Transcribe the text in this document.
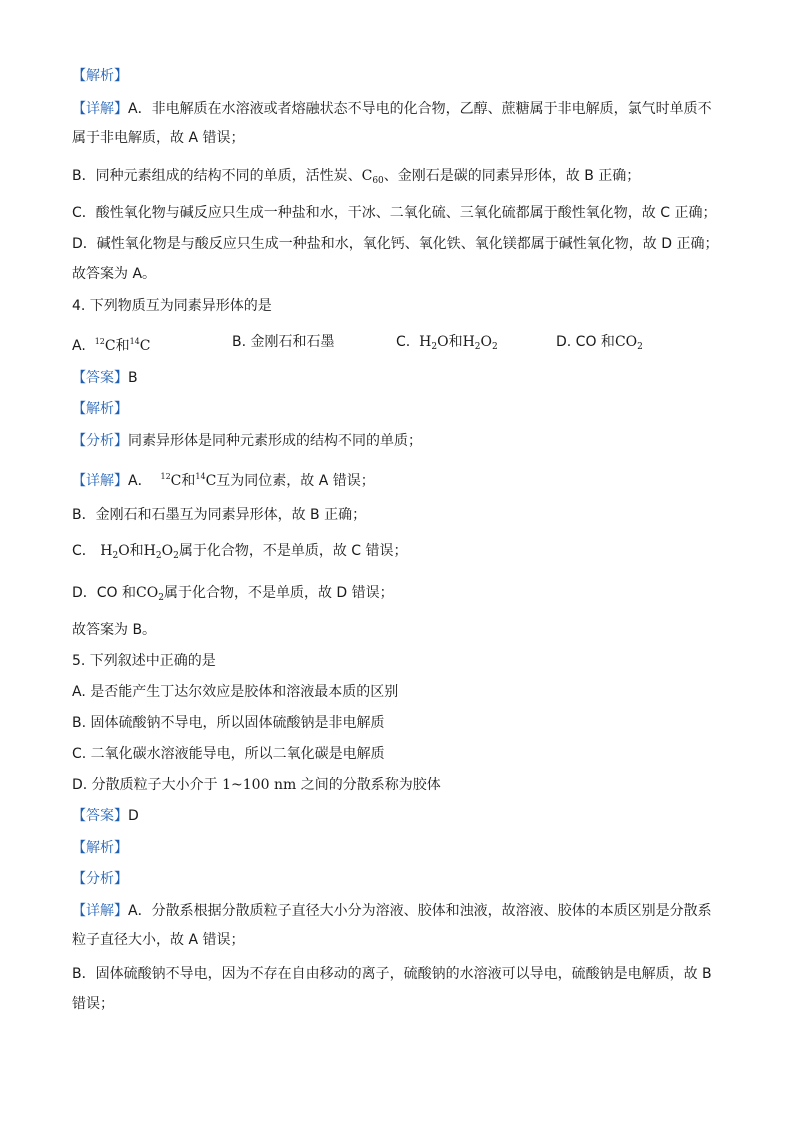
【解析】
【详解】A．非电解质在水溶液或者熔融状态不导电的化合物，乙醇、蔗糖属于非电解质，氯气时单质不
属于非电解质，故 A 错误；
B．同种元素组成的结构不同的单质，活性炭、$C_{60}$、金刚石是碳的同素异形体，故 B 正确；
C．酸性氧化物与碱反应只生成一种盐和水，干冰、二氧化硫、三氧化硫都属于酸性氧化物，故 C 正确；
D．碱性氧化物是与酸反应只生成一种盐和水，氧化钙、氧化铁、氧化镁都属于碱性氧化物，故 D 正确；
故答案为 A。
4. 下列物质互为同素异形体的是
A. $^{12}$C和$^{14}$C	B. 金刚石和石墨	C. $H_2O$和$H_2O_2$	D. CO 和$CO_2$
【答案】B
【解析】
【分析】同素异形体是同种元素形成的结构不同的单质；
【详解】A． $^{12}$C和$^{14}$C互为同位素，故 A 错误；
B．金刚石和石墨互为同素异形体，故 B 正确；
C． $H_2O$和$H_2O_2$属于化合物，不是单质，故 C 错误；
D．CO 和$CO_2$属于化合物，不是单质，故 D 错误；
故答案为 B。
5. 下列叙述中正确的是
A. 是否能产生丁达尔效应是胶体和溶液最本质的区别
B. 固体硫酸钠不导电，所以固体硫酸钠是非电解质
C. 二氧化碳水溶液能导电，所以二氧化碳是电解质
D. 分散质粒子大小介于 1~100 nm 之间的分散系称为胶体
【答案】D
【解析】
【分析】
【详解】A．分散系根据分散质粒子直径大小分为溶液、胶体和浊液，故溶液、胶体的本质区别是分散系
粒子直径大小，故 A 错误；
B．固体硫酸钠不导电，因为不存在自由移动的离子，硫酸钠的水溶液可以导电，硫酸钠是电解质，故 B
错误；
